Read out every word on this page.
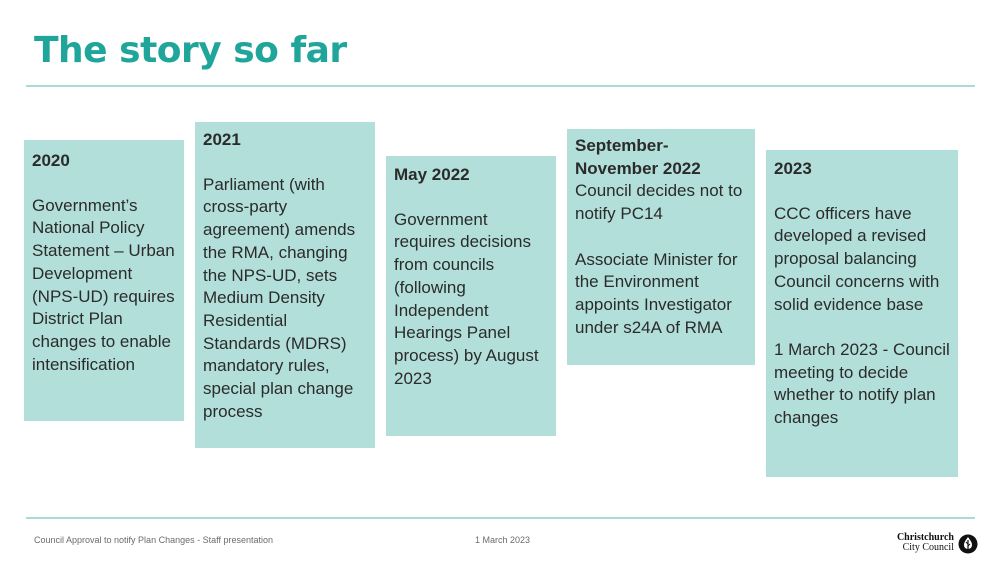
The story so far
2020
Government’s National Policy Statement – Urban Development (NPS-UD) requires District Plan changes to enable intensification
2021
Parliament (with cross-party agreement) amends the RMA, changing the NPS-UD, sets Medium Density Residential Standards (MDRS) mandatory rules, special plan change process
May 2022
Government requires decisions from councils (following Independent Hearings Panel process) by August 2023
September-November 2022
Council decides not to notify PC14

Associate Minister for the Environment appoints Investigator under s24A of RMA
2023
CCC officers have developed a revised proposal balancing Council concerns with solid evidence base

1 March 2023 - Council meeting to decide whether to notify plan changes
Council Approval to notify Plan Changes - Staff presentation	1 March 2023	Christchurch
City Council
